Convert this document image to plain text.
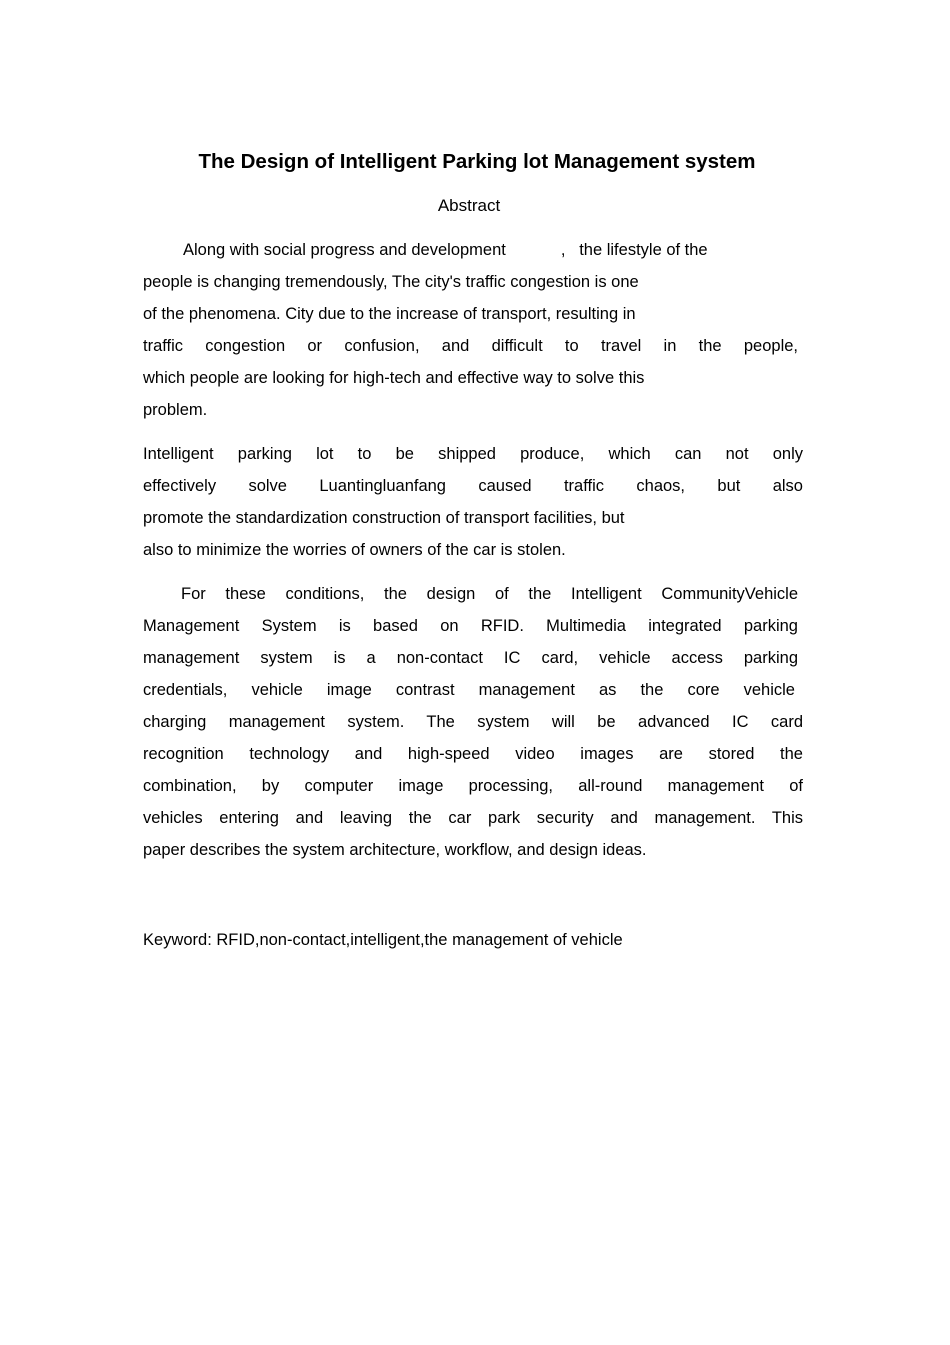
The Design of Intelligent Parking lot Management system
Abstract
Along with social progress and development            ,   the lifestyle of the
people is changing tremendously, The city's traffic congestion is one
of the phenomena. City due to the increase of transport, resulting in
traffic congestion or confusion, and difficult to travel in the people,
which people are looking for high-tech and effective way to solve this
problem.
Intelligent parking lot to be shipped produce, which can not only
effectively solve Luantingluanfang caused traffic chaos, but also
promote the standardization construction of transport facilities, but
also to minimize the worries of owners of the car is stolen.
For these conditions, the design of the Intelligent CommunityVehicle
Management System is based on RFID. Multimedia integrated parking
management system is a non-contact IC card, vehicle access parking
credentials, vehicle image contrast management as the core vehicle
charging management system. The system will be advanced IC card
recognition technology and high-speed video images are stored the
combination, by computer image processing, all-round management of
vehicles entering and leaving the car park security and management. This
paper describes the system architecture, workflow, and design ideas.
Keyword: RFID,non-contact,intelligent,the management of vehicle
